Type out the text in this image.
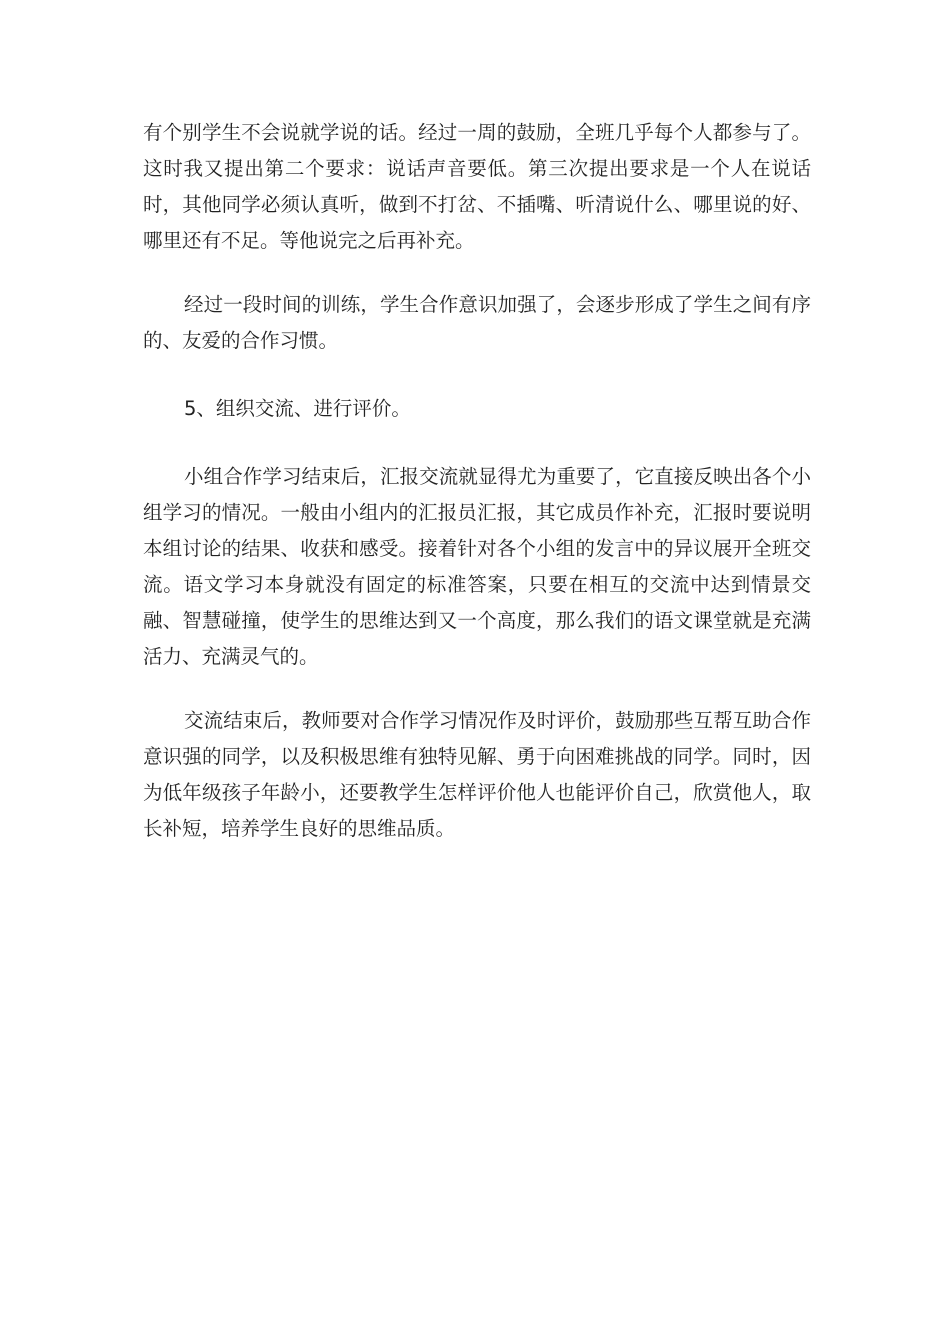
有个别学生不会说就学说的话。经过一周的鼓励，全班几乎每个人都参与了。这时我又提出第二个要求：说话声音要低。第三次提出要求是一个人在说话时，其他同学必须认真听，做到不打岔、不插嘴、听清说什么、哪里说的好、哪里还有不足。等他说完之后再补充。

经过一段时间的训练，学生合作意识加强了，会逐步形成了学生之间有序的、友爱的合作习惯。

5、组织交流、进行评价。

小组合作学习结束后，汇报交流就显得尤为重要了，它直接反映出各个小组学习的情况。一般由小组内的汇报员汇报，其它成员作补充，汇报时要说明本组讨论的结果、收获和感受。接着针对各个小组的发言中的异议展开全班交流。语文学习本身就没有固定的标准答案，只要在相互的交流中达到情景交融、智慧碰撞，使学生的思维达到又一个高度，那么我们的语文课堂就是充满活力、充满灵气的。

交流结束后，教师要对合作学习情况作及时评价，鼓励那些互帮互助合作意识强的同学，以及积极思维有独特见解、勇于向困难挑战的同学。同时，因为低年级孩子年龄小，还要教学生怎样评价他人也能评价自己，欣赏他人，取长补短，培养学生良好的思维品质。
